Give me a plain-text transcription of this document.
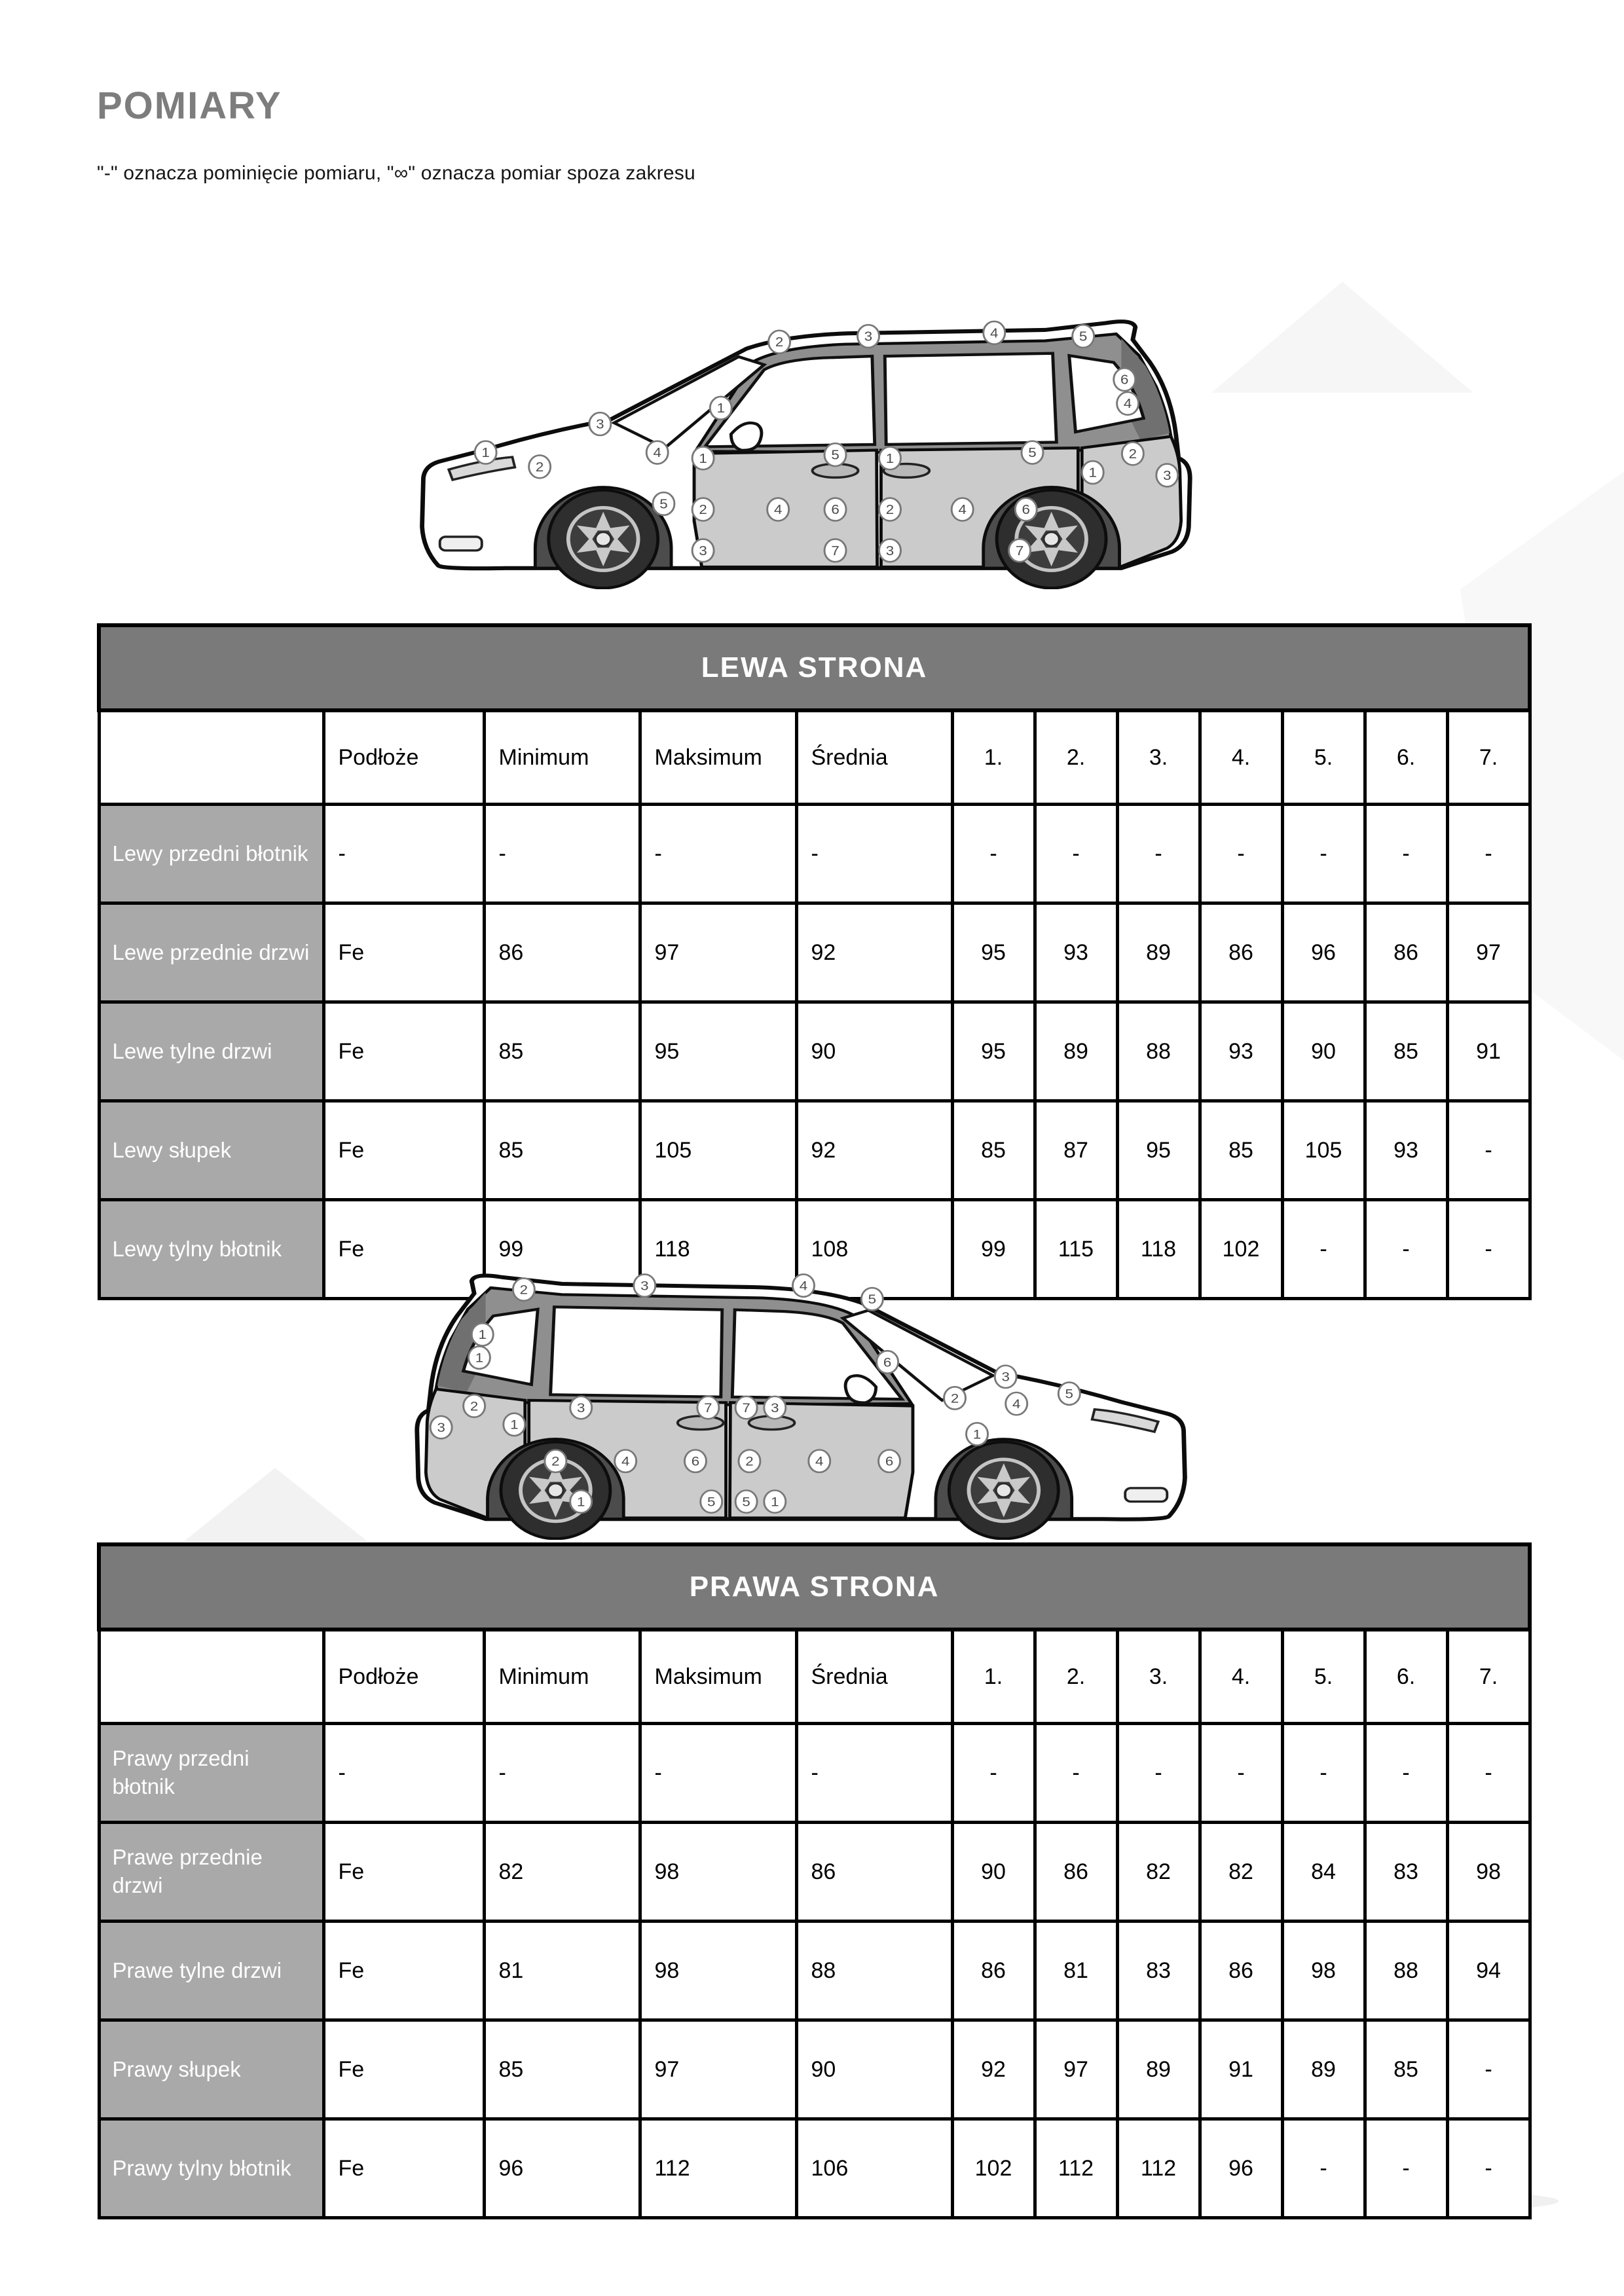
POMIARY

"-" oznacza pominięcie pomiaru, "∞" oznacza pomiar spoza zakresu

1
2
3
4
5
1
2	3	4	5
6
4
1	5
2	4	6
3	7
1	5
2	4	6
3	7
1
2
3
LEWA STRONA											
	Podłoże	Minimum	Maksimum	Średnia	1.	2.	3.	4.	5.	6.	7.
Lewy przedni błotnik	-	-	-	-	-	-	-	-	-	-	-
Lewe przednie drzwi	Fe	86	97	92	95	93	89	86	96	86	97
Lewe tylne drzwi	Fe	85	95	90	95	89	88	93	90	85	91
Lewy słupek	Fe	85	105	92	85	87	95	85	105	93	-
Lewy tylny błotnik	Fe	99	118	108	99	115	118	102	-	-	-
2	3	4
5
1
1	6
3
2	4
5
1
1
2
3
3	7
2	4	6
1	5
7 3
2	4	6
5 1
PRAWA STRONA											
	Podłoże	Minimum	Maksimum	Średnia	1.	2.	3.	4.	5.	6.	7.
Prawy przedni błotnik	-	-	-	-	-	-	-	-	-	-	-
Prawe przednie drzwi	Fe	82	98	86	90	86	82	82	84	83	98
Prawe tylne drzwi	Fe	81	98	88	86	81	83	86	98	88	94
Prawy słupek	Fe	85	97	90	92	97	89	91	89	85	-
Prawy tylny błotnik	Fe	96	112	106	102	112	112	96	-	-	-
